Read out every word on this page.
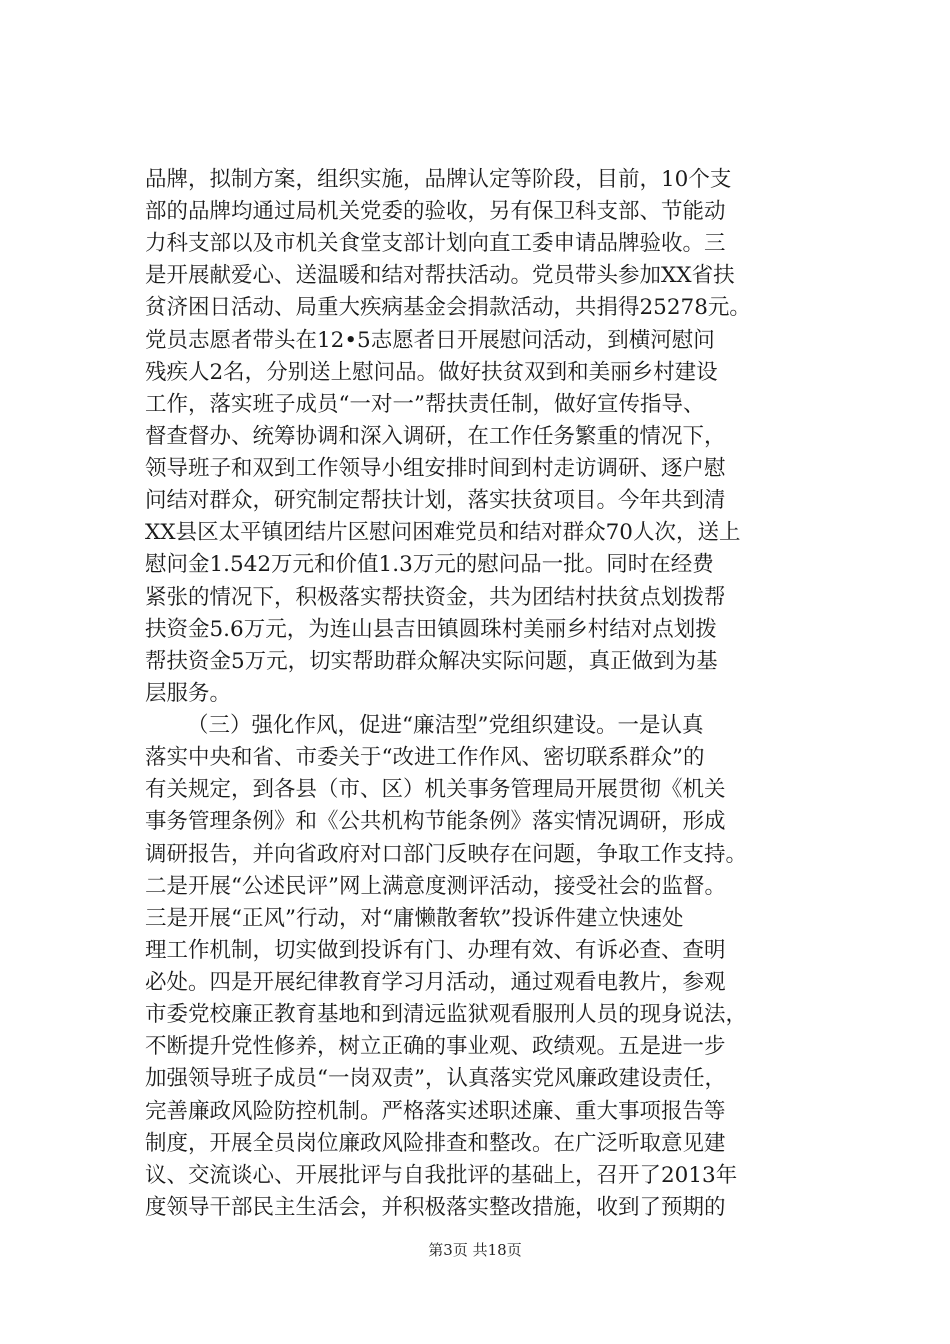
品牌，拟制方案，组织实施，品牌认定等阶段，目前，10个支
部的品牌均通过局机关党委的验收，另有保卫科支部、节能动
力科支部以及市机关食堂支部计划向直工委申请品牌验收。三
是开展献爱心、送温暖和结对帮扶活动。党员带头参加XX省扶
贫济困日活动、局重大疾病基金会捐款活动，共捐得25278元。
党员志愿者带头在12•5志愿者日开展慰问活动，到横河慰问
残疾人2名，分别送上慰问品。做好扶贫双到和美丽乡村建设
工作，落实班子成员“一对一”帮扶责任制，做好宣传指导、
督查督办、统筹协调和深入调研，在工作任务繁重的情况下，
领导班子和双到工作领导小组安排时间到村走访调研、逐户慰
问结对群众，研究制定帮扶计划，落实扶贫项目。今年共到清
XX县区太平镇团结片区慰问困难党员和结对群众70人次，送上
慰问金1.542万元和价值1.3万元的慰问品一批。同时在经费
紧张的情况下，积极落实帮扶资金，共为团结村扶贫点划拨帮
扶资金5.6万元，为连山县吉田镇圆珠村美丽乡村结对点划拨
帮扶资金5万元，切实帮助群众解决实际问题，真正做到为基
层服务。
（三）强化作风，促进“廉洁型”党组织建设。一是认真
落实中央和省、市委关于“改进工作作风、密切联系群众”的
有关规定，到各县（市、区）机关事务管理局开展贯彻《机关
事务管理条例》和《公共机构节能条例》落实情况调研，形成
调研报告，并向省政府对口部门反映存在问题，争取工作支持。
二是开展“公述民评”网上满意度测评活动，接受社会的监督。
三是开展“正风”行动，对“庸懒散奢软”投诉件建立快速处
理工作机制，切实做到投诉有门、办理有效、有诉必查、查明
必处。四是开展纪律教育学习月活动，通过观看电教片，参观
市委党校廉正教育基地和到清远监狱观看服刑人员的现身说法，
不断提升党性修养，树立正确的事业观、政绩观。五是进一步
加强领导班子成员“一岗双责”，认真落实党风廉政建设责任，
完善廉政风险防控机制。严格落实述职述廉、重大事项报告等
制度，开展全员岗位廉政风险排查和整改。在广泛听取意见建
议、交流谈心、开展批评与自我批评的基础上，召开了2013年
度领导干部民主生活会，并积极落实整改措施，收到了预期的
第3页 共18页
